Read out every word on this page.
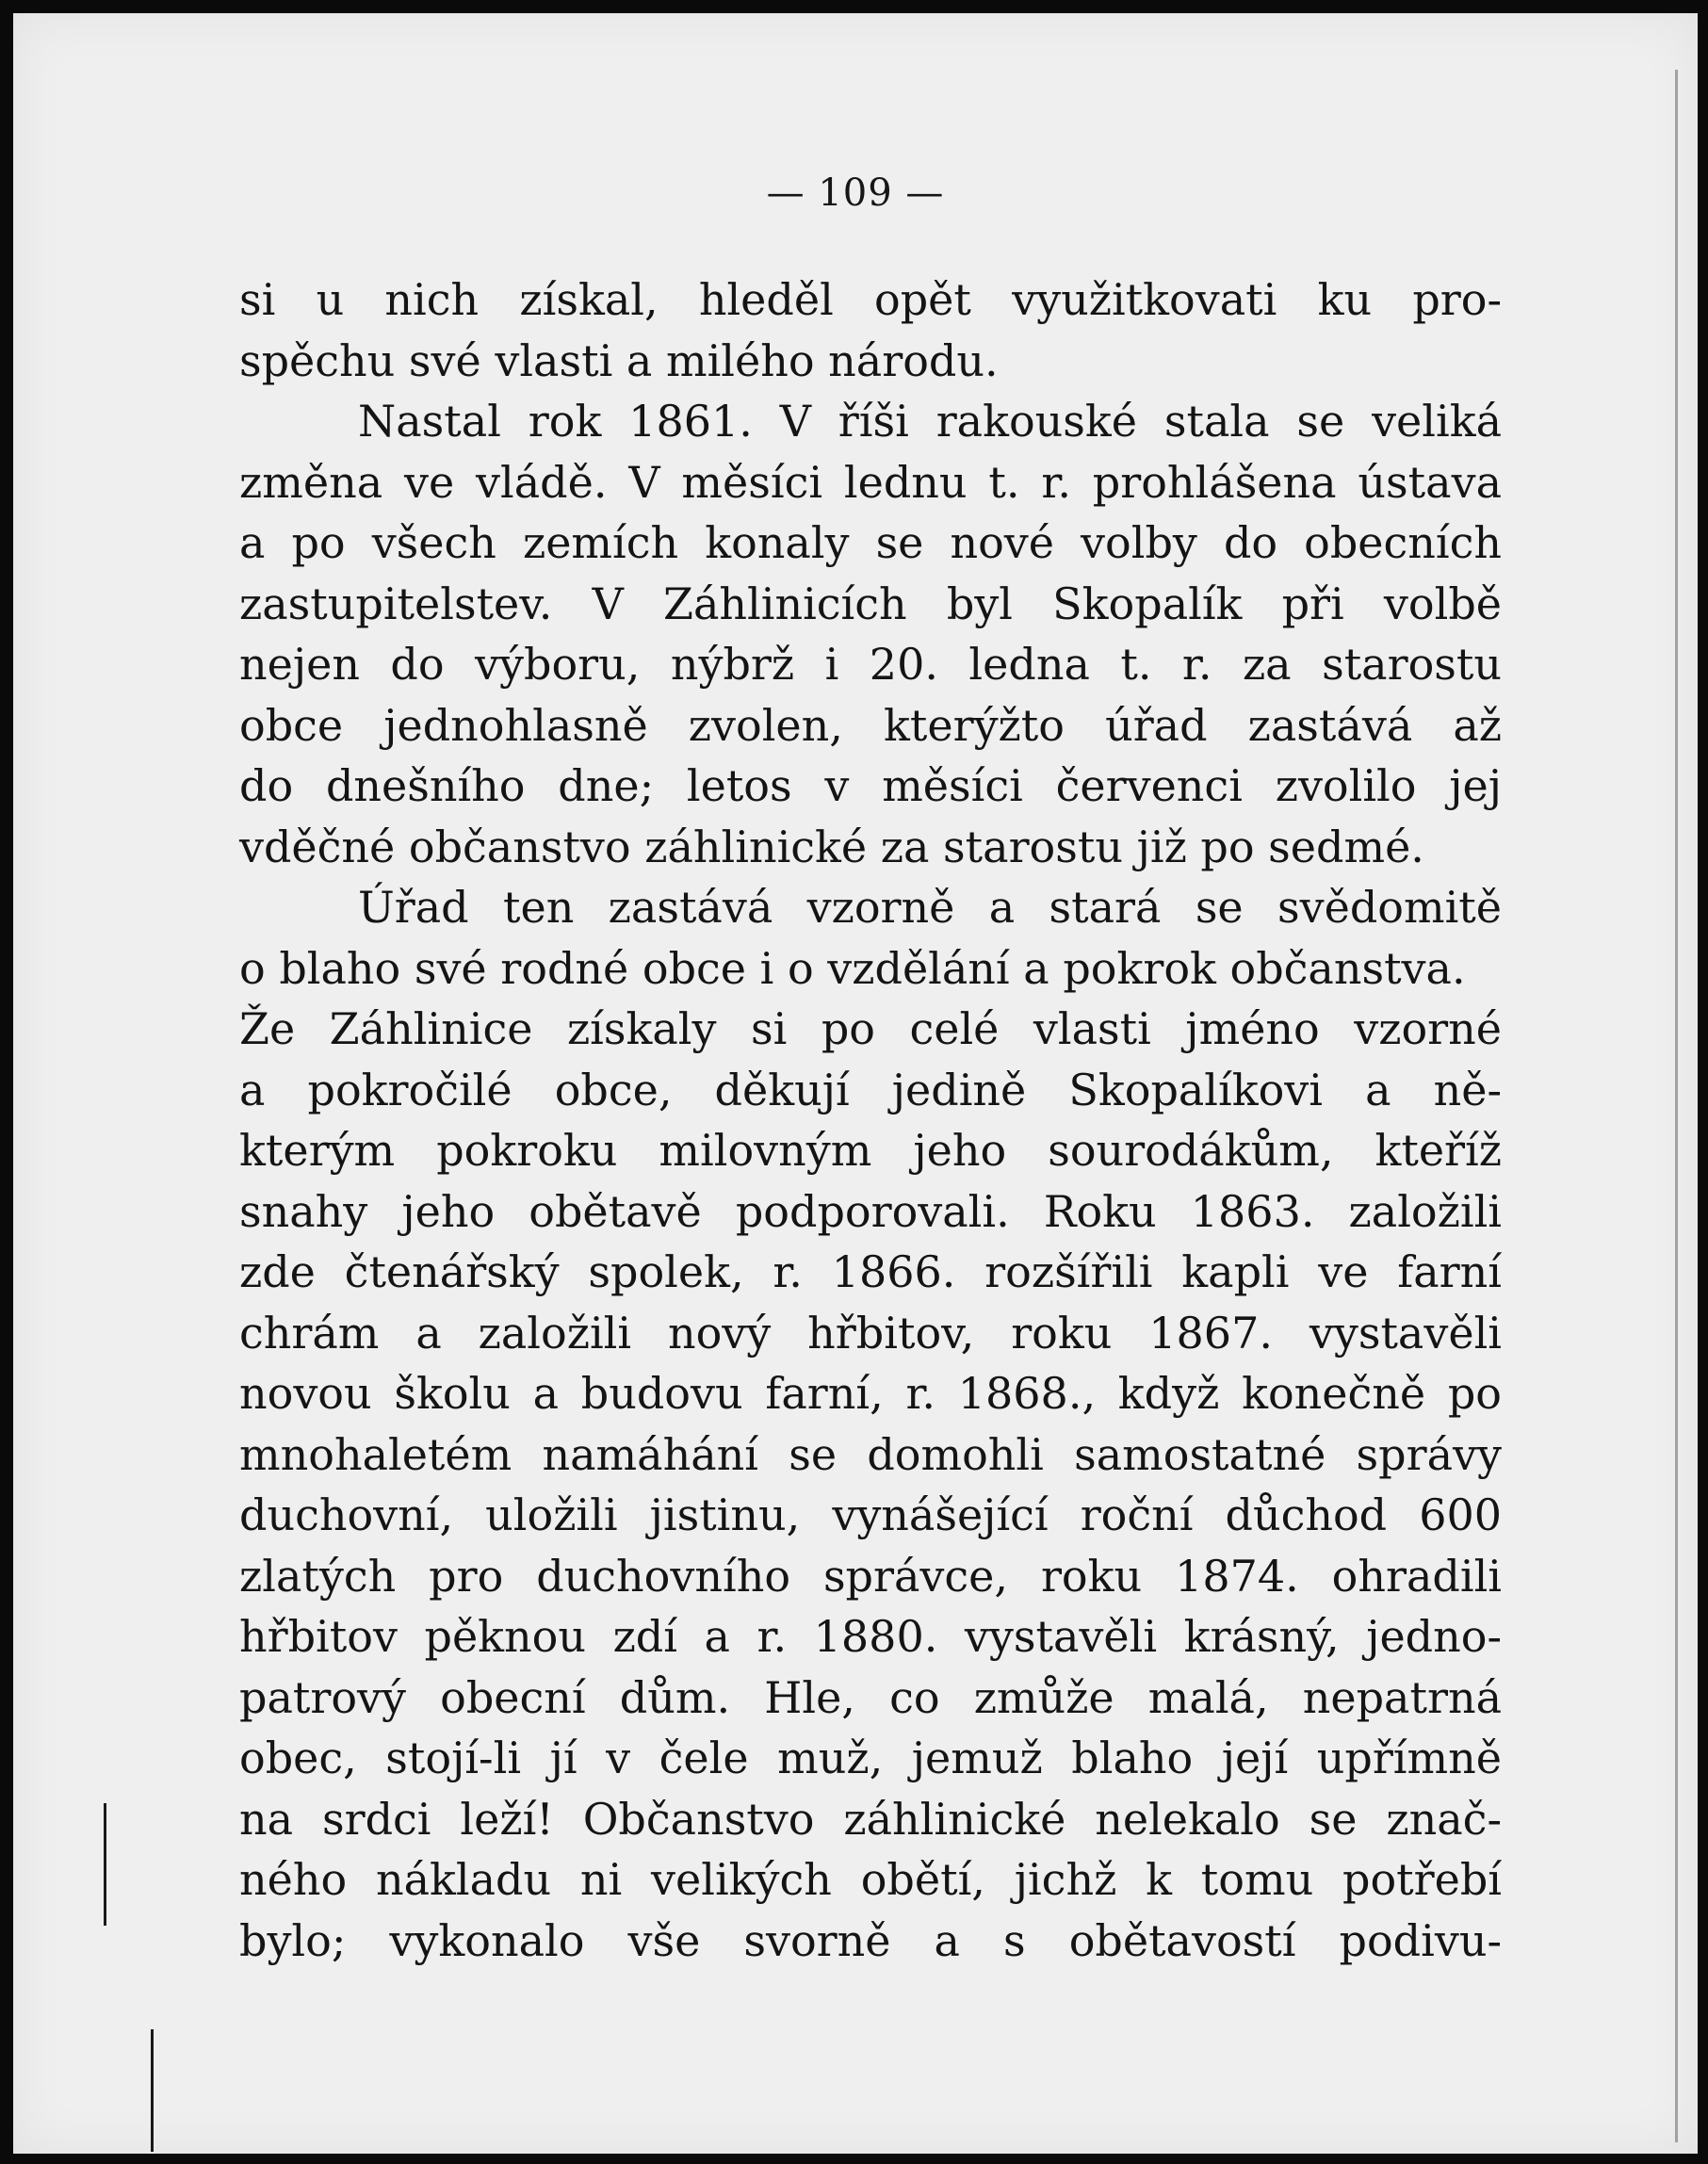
— 109 —
si u nich získal, hleděl opět využitkovati ku pro-
spěchu své vlasti a milého národu.
Nastal rok 1861. V říši rakouské stala se veliká
změna ve vládě. V měsíci lednu t. r. prohlášena ústava
a po všech zemích konaly se nové volby do obecních
zastupitelstev. V Záhlinicích byl Skopalík při volbě
nejen do výboru, nýbrž i 20. ledna t. r. za starostu
obce jednohlasně zvolen, kterýžto úřad zastává až
do dnešního dne; letos v měsíci červenci zvolilo jej
vděčné občanstvo záhlinické za starostu již po sedmé.
Úřad ten zastává vzorně a stará se svědomitě
o blaho své rodné obce i o vzdělání a pokrok občanstva.
Že Záhlinice získaly si po celé vlasti jméno vzorné
a pokročilé obce, děkují jedině Skopalíkovi a ně-
kterým pokroku milovným jeho sourodákům, kteříž
snahy jeho obětavě podporovali. Roku 1863. založili
zde čtenářský spolek, r. 1866. rozšířili kapli ve farní
chrám a založili nový hřbitov, roku 1867. vystavěli
novou školu a budovu farní, r. 1868., když konečně po
mnohaletém namáhání se domohli samostatné správy
duchovní, uložili jistinu, vynášející roční důchod 600
zlatých pro duchovního správce, roku 1874. ohradili
hřbitov pěknou zdí a r. 1880. vystavěli krásný, jedno-
patrový obecní dům. Hle, co zmůže malá, nepatrná
obec, stojí-li jí v čele muž, jemuž blaho její upřímně
na srdci leží! Občanstvo záhlinické nelekalo se znač-
ného nákladu ni velikých obětí, jichž k tomu potřebí
bylo; vykonalo vše svorně a s obětavostí podivu-
